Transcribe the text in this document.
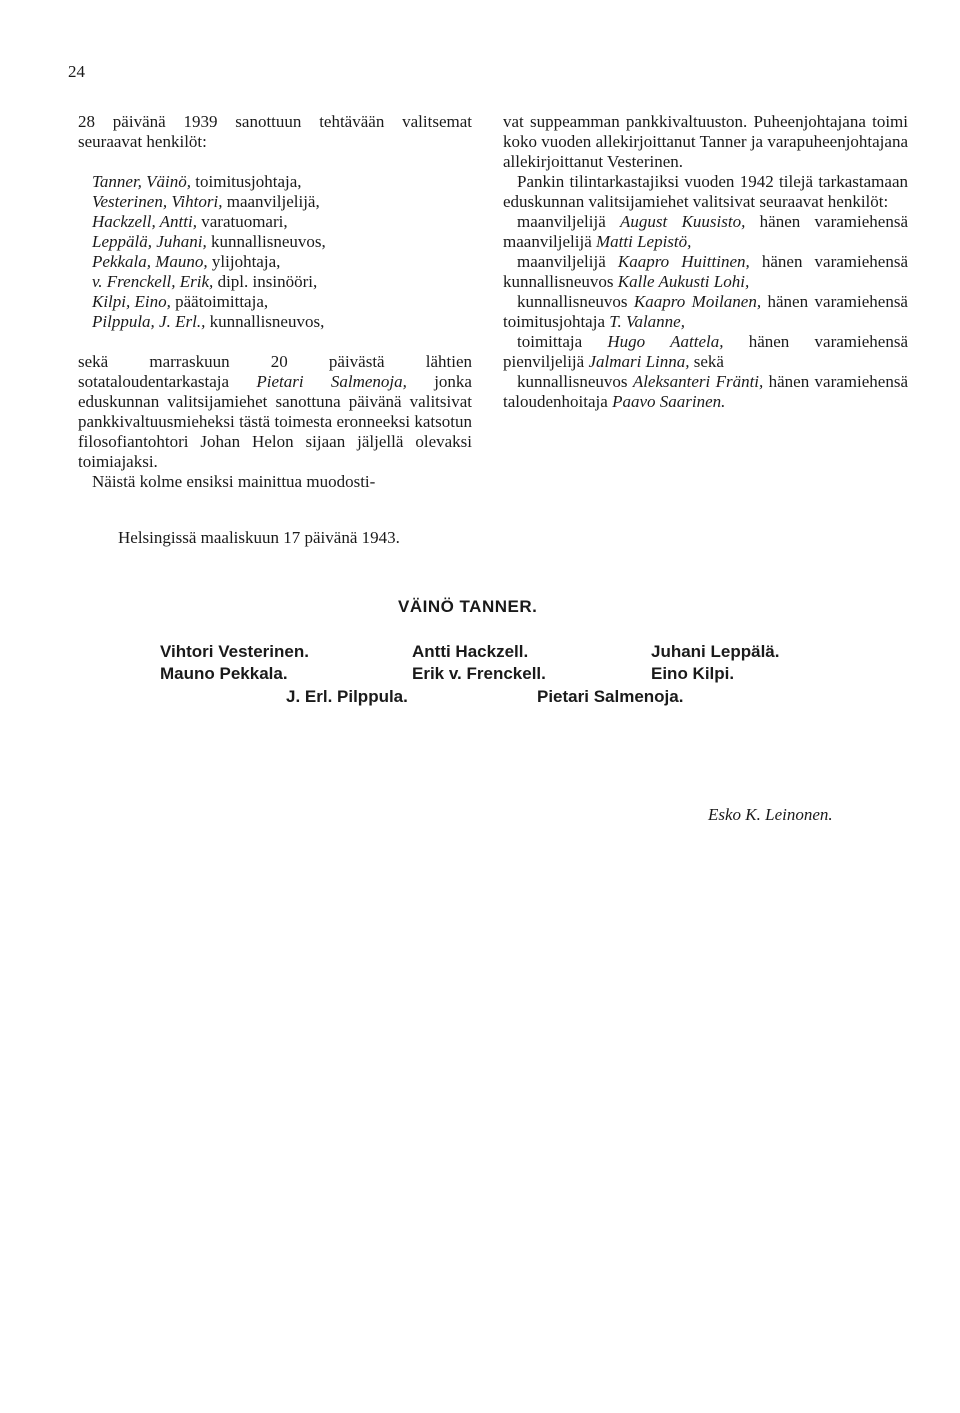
24

28 päivänä 1939 sanottuun tehtävään valitsemat seuraavat henkilöt:

Tanner, Väinö, toimitusjohtaja,
Vesterinen, Vihtori, maanviljelijä,
Hackzell, Antti, varatuomari,
Leppälä, Juhani, kunnallisneuvos,
Pekkala, Mauno, ylijohtaja,
v. Frenckell, Erik, dipl. insinööri,
Kilpi, Eino, päätoimittaja,
Pilppula, J. Erl., kunnallisneuvos,

sekä marraskuun 20 päivästä lähtien sotataloudentarkastaja Pietari Salmenoja, jonka eduskunnan valitsijamiehet sanottuna päivänä valitsivat pankkivaltuusmieheksi tästä toimesta eronneeksi katsotun filosofiantohtori Johan Helon sijaan jäljellä olevaksi toimiajaksi.

Näistä kolme ensiksi mainittua muodosti-

vat suppeamman pankkivaltuuston. Puheenjohtajana toimi koko vuoden allekirjoittanut Tanner ja varapuheenjohtajana allekirjoittanut Vesterinen.

Pankin tilintarkastajiksi vuoden 1942 tilejä tarkastamaan eduskunnan valitsijamiehet valitsivat seuraavat henkilöt:

maanviljelijä August Kuusisto, hänen varamiehensä maanviljelijä Matti Lepistö,

maanviljelijä Kaapro Huittinen, hänen varamiehensä kunnallisneuvos Kalle Aukusti Lohi,

kunnallisneuvos Kaapro Moilanen, hänen varamiehensä toimitusjohtaja T. Valanne,

toimittaja Hugo Aattela, hänen varamiehensä pienviljelijä Jalmari Linna, sekä

kunnallisneuvos Aleksanteri Fränti, hänen varamiehensä taloudenhoitaja Paavo Saarinen.

Helsingissä maaliskuun 17 päivänä 1943.
VÄINÖ TANNER.
Vihtori Vesterinen.	Antti Hackzell.	Juhani Leppälä.
Mauno Pekkala.	Erik v. Frenckell.	Eino Kilpi.
J. Erl. Pilppula.	Pietari Salmenoja.
Esko K. Leinonen.
